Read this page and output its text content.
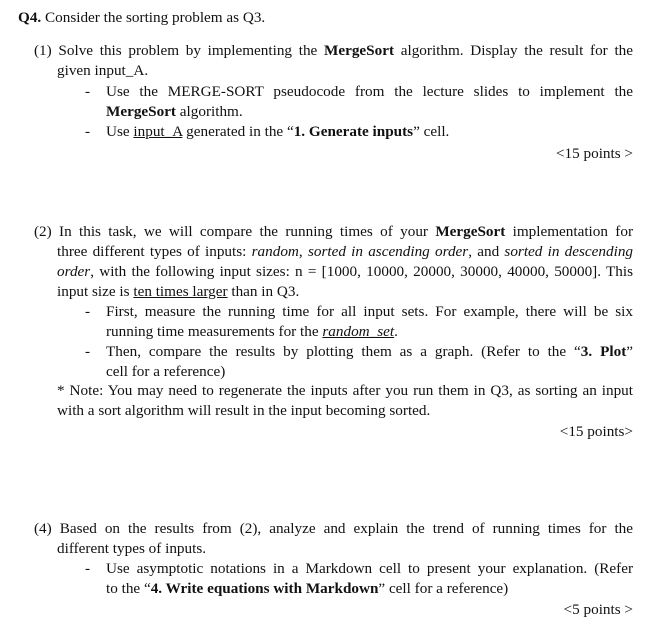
Q4. Consider the sorting problem as Q3.
(1) Solve this problem by implementing the MergeSort algorithm. Display the result for the
given input_A.
- Use the MERGE-SORT pseudocode from the lecture slides to implement the
MergeSort algorithm.
- Use input_A generated in the “1. Generate inputs” cell.
<15 points >
(2) In this task, we will compare the running times of your MergeSort implementation for
three different types of inputs: random, sorted in ascending order, and sorted in descending
order, with the following input sizes: n = [1000, 10000, 20000, 30000, 40000, 50000]. This
input size is ten times larger than in Q3.
- First, measure the running time for all input sets. For example, there will be six
running time measurements for the random_set.
- Then, compare the results by plotting them as a graph. (Refer to the “3. Plot”
cell for a reference)
* Note: You may need to regenerate the inputs after you run them in Q3, as sorting an input
with a sort algorithm will result in the input becoming sorted.
<15 points>
(4) Based on the results from (2), analyze and explain the trend of running times for the
different types of inputs.
- Use asymptotic notations in a Markdown cell to present your explanation. (Refer
to the “4. Write equations with Markdown” cell for a reference)
<5 points >
